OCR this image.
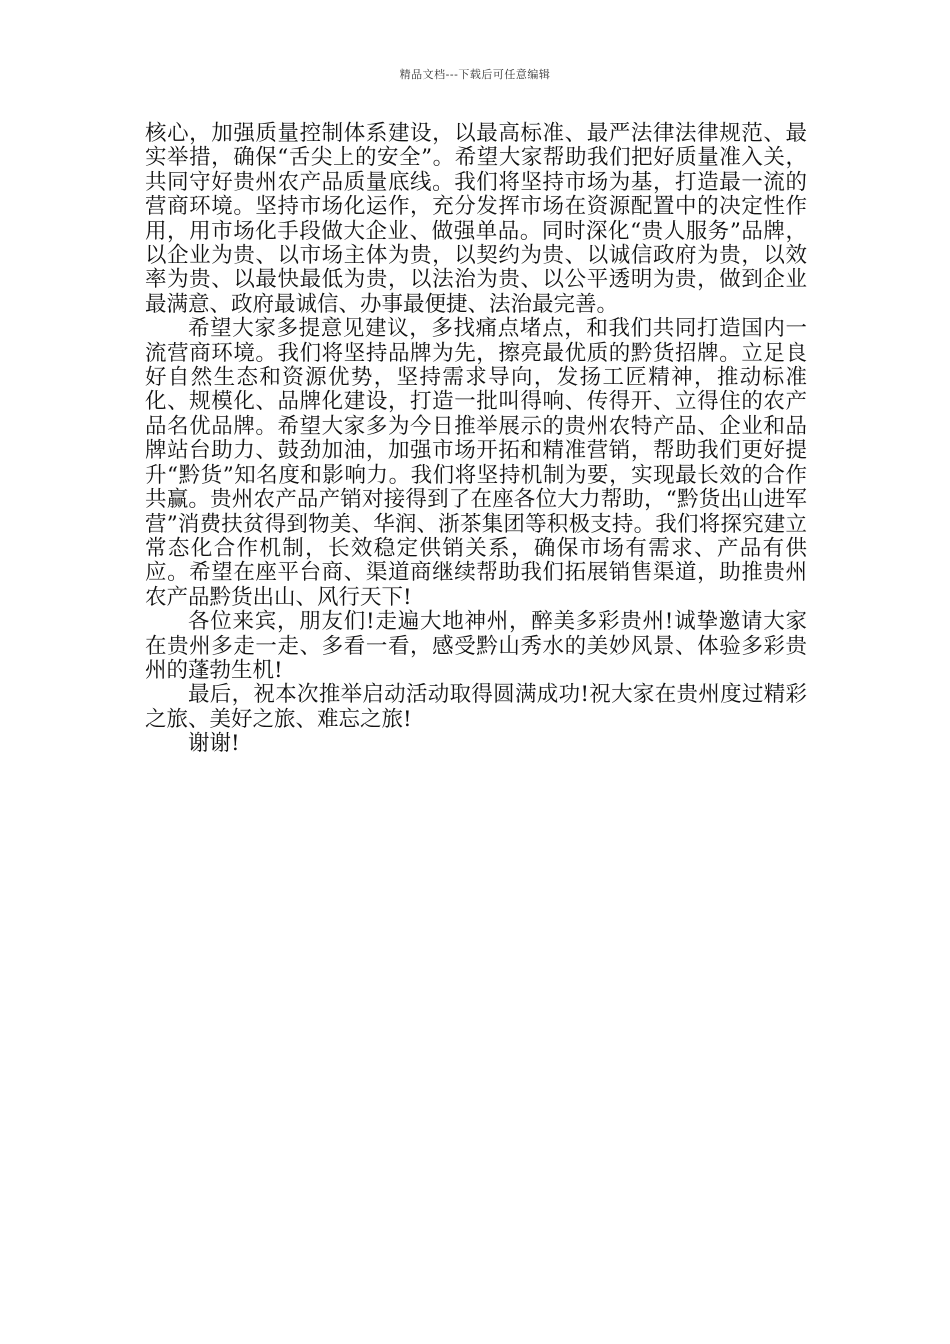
精品文档---下载后可任意编辑

核心，加强质量控制体系建设，以最高标准、最严法律法律规范、最实举措，确保“舌尖上的安全”。希望大家帮助我们把好质量准入关，共同守好贵州农产品质量底线。我们将坚持市场为基，打造最一流的营商环境。坚持市场化运作，充分发挥市场在资源配置中的决定性作用，用市场化手段做大企业、做强单品。同时深化“贵人服务”品牌，以企业为贵、以市场主体为贵，以契约为贵、以诚信政府为贵，以效率为贵、以最快最低为贵，以法治为贵、以公平透明为贵，做到企业最满意、政府最诚信、办事最便捷、法治最完善。

希望大家多提意见建议，多找痛点堵点，和我们共同打造国内一流营商环境。我们将坚持品牌为先，擦亮最优质的黔货招牌。立足良好自然生态和资源优势，坚持需求导向，发扬工匠精神，推动标准化、规模化、品牌化建设，打造一批叫得响、传得开、立得住的农产品名优品牌。希望大家多为今日推举展示的贵州农特产品、企业和品牌站台助力、鼓劲加油，加强市场开拓和精准营销，帮助我们更好提升“黔货”知名度和影响力。我们将坚持机制为要，实现最长效的合作共赢。贵州农产品产销对接得到了在座各位大力帮助，“黔货出山进军营”消费扶贫得到物美、华润、浙茶集团等积极支持。我们将探究建立常态化合作机制，长效稳定供销关系，确保市场有需求、产品有供应。希望在座平台商、渠道商继续帮助我们拓展销售渠道，助推贵州农产品黔货出山、风行天下!

各位来宾，朋友们!走遍大地神州，醉美多彩贵州!诚挚邀请大家在贵州多走一走、多看一看，感受黔山秀水的美妙风景、体验多彩贵州的蓬勃生机!

最后，祝本次推举启动活动取得圆满成功!祝大家在贵州度过精彩之旅、美好之旅、难忘之旅!

谢谢!
